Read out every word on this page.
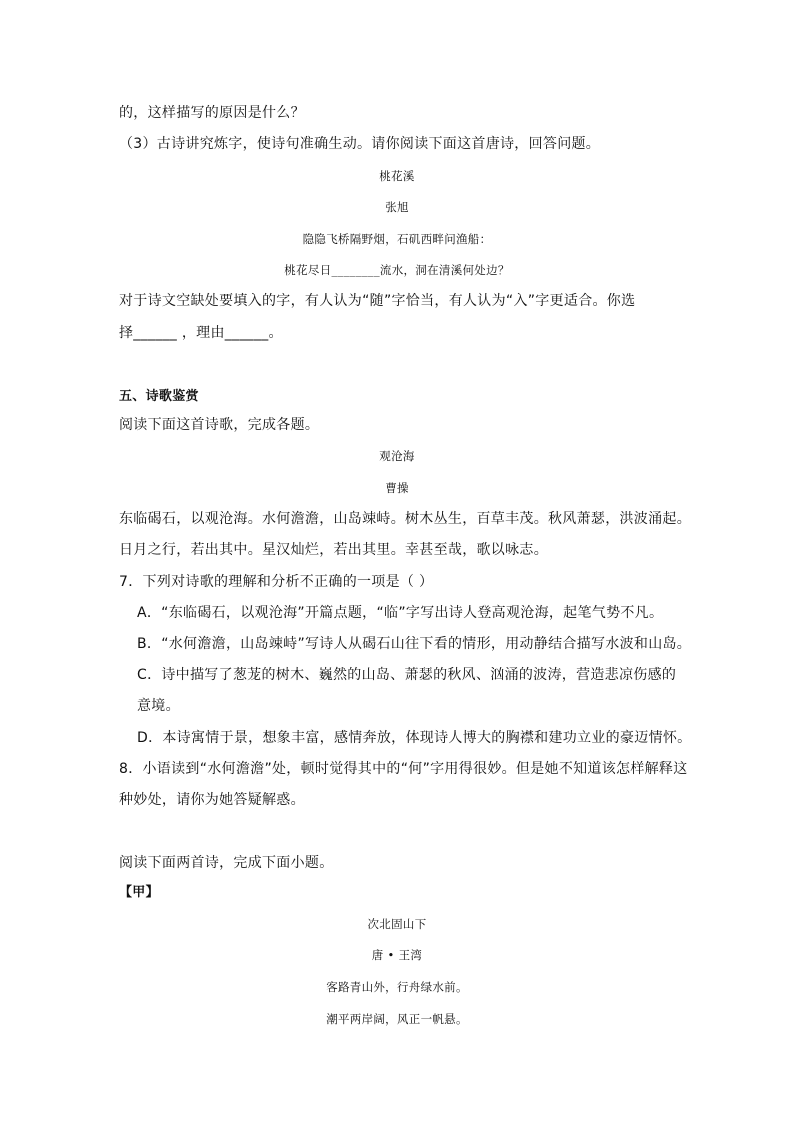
的，这样描写的原因是什么？
（3）古诗讲究炼字，使诗句准确生动。请你阅读下面这首唐诗，回答问题。
桃花溪
张旭
隐隐飞桥隔野烟，石矶西畔问渔船：
桃花尽日________流水，洞在清溪何处边？
对于诗文空缺处要填入的字，有人认为“随”字恰当，有人认为“入”字更适合。你选
择______ ，理由______。
五、诗歌鉴赏
阅读下面这首诗歌，完成各题。
观沧海
曹操
东临碣石，以观沧海。水何澹澹，山岛竦峙。树木丛生，百草丰茂。秋风萧瑟，洪波涌起。
日月之行，若出其中。星汉灿烂，若出其里。幸甚至哉，歌以咏志。
7．下列对诗歌的理解和分析不正确的一项是（ ）
A．“东临碣石，以观沧海”开篇点题，“临”字写出诗人登高观沧海，起笔气势不凡。
B．“水何澹澹，山岛竦峙”写诗人从碣石山往下看的情形，用动静结合描写水波和山岛。
C．诗中描写了葱茏的树木、巍然的山岛、萧瑟的秋风、汹涌的波涛，营造悲凉伤感的
意境。
D．本诗寓情于景，想象丰富，感情奔放，体现诗人博大的胸襟和建功立业的豪迈情怀。
8．小语读到“水何澹澹”处，顿时觉得其中的“何”字用得很妙。但是她不知道该怎样解释这
种妙处，请你为她答疑解惑。
阅读下面两首诗，完成下面小题。
【甲】
次北固山下
唐 • 王湾
客路青山外，行舟绿水前。
潮平两岸阔，风正一帆悬。
